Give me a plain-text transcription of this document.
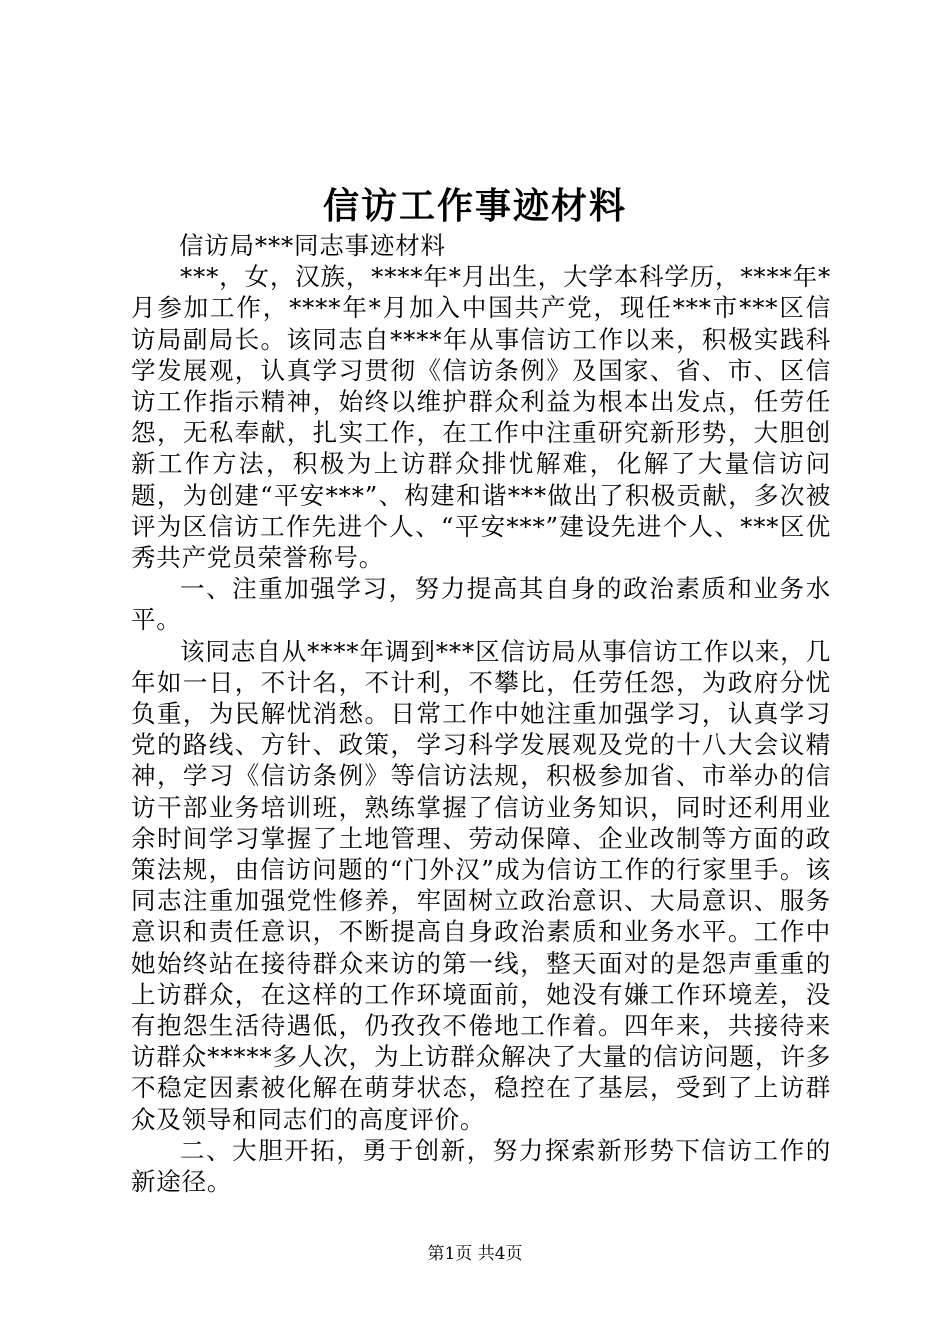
信访工作事迹材料

信访局***同志事迹材料

***，女，汉族，****年*月出生，大学本科学历，****年*月参加工作，****年*月加入中国共产党，现任***市***区信访局副局长。该同志自****年从事信访工作以来，积极实践科学发展观，认真学习贯彻《信访条例》及国家、省、市、区信访工作指示精神，始终以维护群众利益为根本出发点，任劳任怨，无私奉献，扎实工作，在工作中注重研究新形势，大胆创新工作方法，积极为上访群众排忧解难，化解了大量信访问题，为创建“平安***”、构建和谐***做出了积极贡献，多次被评为区信访工作先进个人、“平安***”建设先进个人、***区优秀共产党员荣誉称号。

一、注重加强学习，努力提高其自身的政治素质和业务水平。

该同志自从****年调到***区信访局从事信访工作以来，几年如一日，不计名，不计利，不攀比，任劳任怨，为政府分忧负重，为民解忧消愁。日常工作中她注重加强学习，认真学习党的路线、方针、政策，学习科学发展观及党的十八大会议精神，学习《信访条例》等信访法规，积极参加省、市举办的信访干部业务培训班，熟练掌握了信访业务知识，同时还利用业余时间学习掌握了土地管理、劳动保障、企业改制等方面的政策法规，由信访问题的“门外汉”成为信访工作的行家里手。该同志注重加强党性修养，牢固树立政治意识、大局意识、服务意识和责任意识，不断提高自身政治素质和业务水平。工作中她始终站在接待群众来访的第一线，整天面对的是怨声重重的上访群众，在这样的工作环境面前，她没有嫌工作环境差，没有抱怨生活待遇低，仍孜孜不倦地工作着。四年来，共接待来访群众*****多人次，为上访群众解决了大量的信访问题，许多不稳定因素被化解在萌芽状态，稳控在了基层，受到了上访群众及领导和同志们的高度评价。

二、大胆开拓，勇于创新，努力探索新形势下信访工作的新途径。

第1页 共4页
